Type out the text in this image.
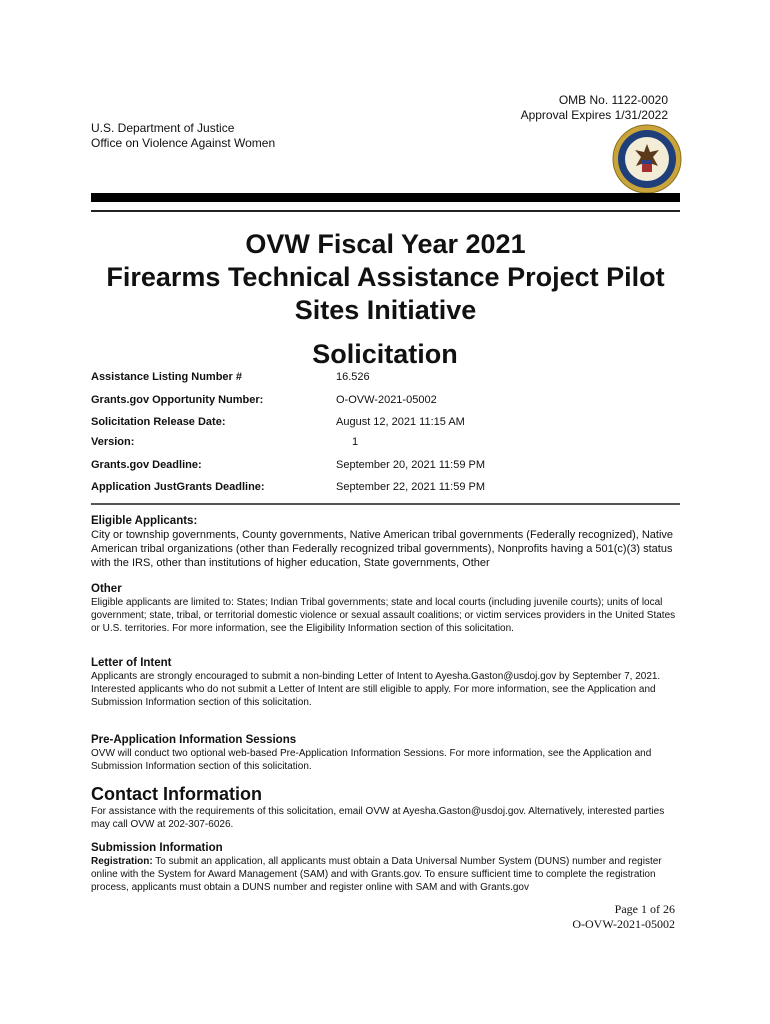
OMB No. 1122-0020
Approval Expires 1/31/2022
U.S. Department of Justice
Office on Violence Against Women
OVW Fiscal Year 2021
Firearms Technical Assistance Project Pilot
Sites Initiative
Solicitation
Assistance Listing Number #	16.526
Grants.gov Opportunity Number:	O-OVW-2021-05002
Solicitation Release Date:	August 12, 2021 11:15 AM
Version:	1
Grants.gov Deadline:	September 20, 2021 11:59 PM
Application JustGrants Deadline:	September 22, 2021 11:59 PM
Eligible Applicants:
City or township governments, County governments, Native American tribal governments (Federally recognized), Native American tribal organizations (other than Federally recognized tribal governments), Nonprofits having a 501(c)(3) status with the IRS, other than institutions of higher education, State governments, Other
Other
Eligible applicants are limited to: States; Indian Tribal governments; state and local courts (including juvenile courts); units of local government; state, tribal, or territorial domestic violence or sexual assault coalitions; or victim services providers in the United States or U.S. territories. For more information, see the Eligibility Information section of this solicitation.
Letter of Intent
Applicants are strongly encouraged to submit a non-binding Letter of Intent to Ayesha.Gaston@usdoj.gov by September 7, 2021. Interested applicants who do not submit a Letter of Intent are still eligible to apply. For more information, see the Application and Submission Information section of this solicitation.
Pre-Application Information Sessions
OVW will conduct two optional web-based Pre-Application Information Sessions. For more information, see the Application and Submission Information section of this solicitation.
Contact Information
For assistance with the requirements of this solicitation, email OVW at Ayesha.Gaston@usdoj.gov. Alternatively, interested parties may call OVW at 202-307-6026.
Submission Information
Registration: To submit an application, all applicants must obtain a Data Universal Number System (DUNS) number and register online with the System for Award Management (SAM) and with Grants.gov. To ensure sufficient time to complete the registration process, applicants must obtain a DUNS number and register online with SAM and with Grants.gov
Page 1 of 26
O-OVW-2021-05002
